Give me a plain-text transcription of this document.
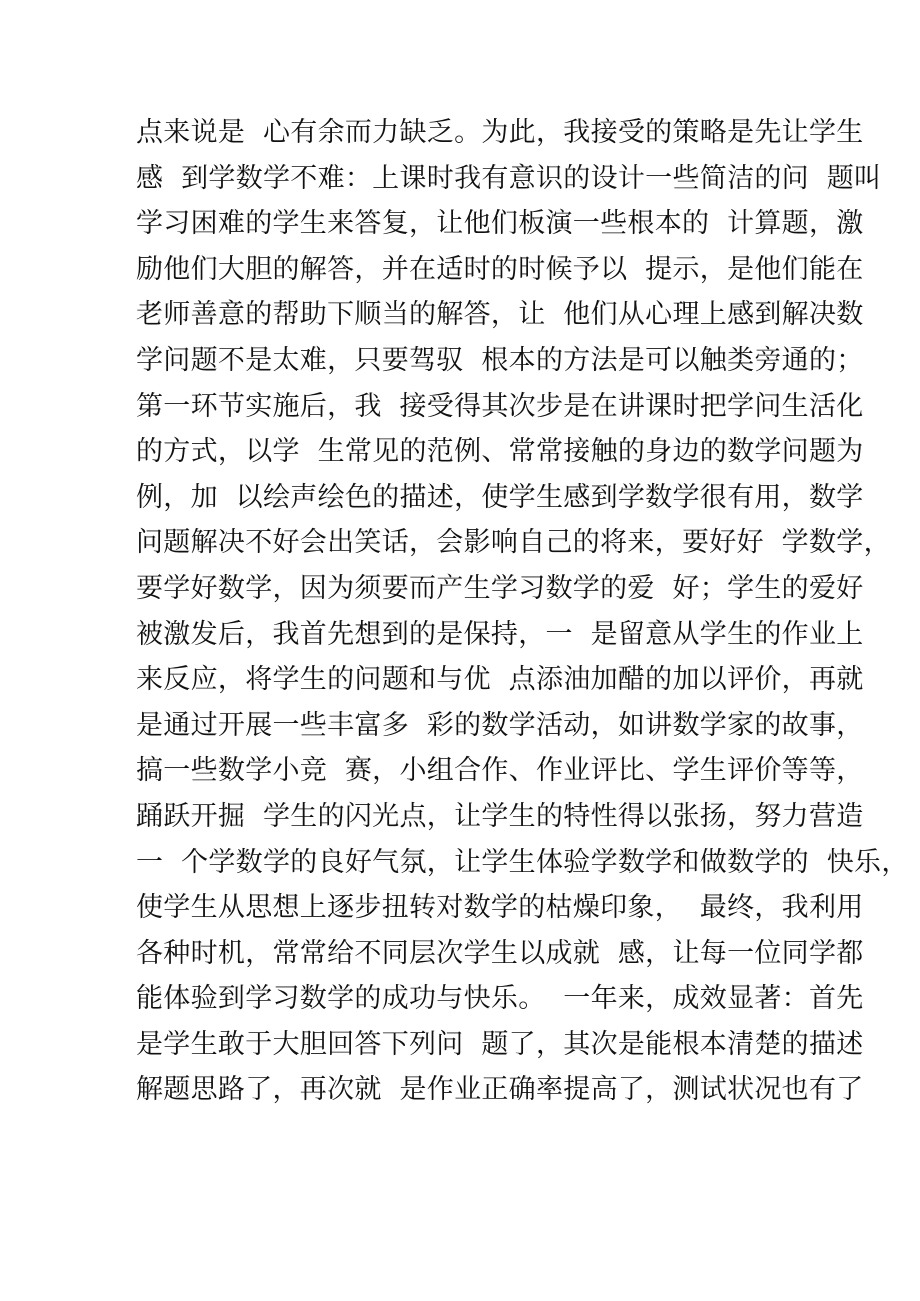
点来说是  心有余而力缺乏。为此，我接受的策略是先让学生
感  到学数学不难：上课时我有意识的设计一些简洁的问  题叫
学习困难的学生来答复，让他们板演一些根本的  计算题，激
励他们大胆的解答，并在适时的时候予以  提示，是他们能在
老师善意的帮助下顺当的解答，让  他们从心理上感到解决数
学问题不是太难，只要驾驭  根本的方法是可以触类旁通的；
第一环节实施后，我  接受得其次步是在讲课时把学问生活化
的方式，以学  生常见的范例、常常接触的身边的数学问题为
例，加  以绘声绘色的描述，使学生感到学数学很有用，数学
问题解决不好会出笑话，会影响自己的将来，要好好  学数学，
要学好数学，因为须要而产生学习数学的爱  好；学生的爱好
被激发后，我首先想到的是保持，一  是留意从学生的作业上
来反应，将学生的问题和与优  点添油加醋的加以评价，再就
是通过开展一些丰富多  彩的数学活动，如讲数学家的故事，
搞一些数学小竞  赛，小组合作、作业评比、学生评价等等，
踊跃开掘  学生的闪光点，让学生的特性得以张扬，努力营造
一  个学数学的良好气氛，让学生体验学数学和做数学的  快乐，
使学生从思想上逐步扭转对数学的枯燥印象，  最终，我利用
各种时机，常常给不同层次学生以成就  感，让每一位同学都
能体验到学习数学的成功与快乐。  一年来，成效显著：首先
是学生敢于大胆回答下列问  题了，其次是能根本清楚的描述
解题思路了，再次就  是作业正确率提高了，测试状况也有了
